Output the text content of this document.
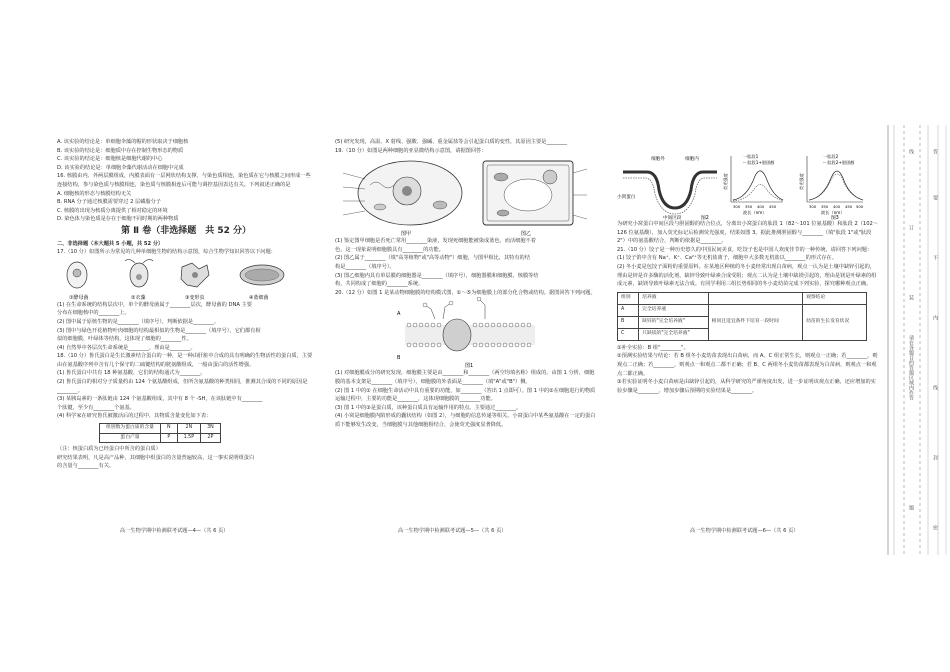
A. 该实验的结论是：单细胞伞藻的帽的形状取决于细胞核

B. 该实验的结论是：细胞质中存在控制生物形态的物质

C. 该实验的结论是：细胞核是细胞代谢的中心

D. 该实验的结论是：单细胞伞藻代谢活动在细胞中完成

16. 核膜由内、外两层膜组成，内膜表面有一层网状结构支撑，与染色质相连，染色质在它与核膜之间形成一些连接结构，参与染色质与核膜相连，染色质与核膜相连后可能与调控基因表达有关。下列叙述正确的是

A. 细胞核的形态与核膜结构无关

B. RNA 分子通过核膜需要穿过 2 层磷脂分子

C. 核膜的出现为核质分离提供了相对稳定的环境

D. 染色体与染色质是存在于细胞不同时期的两种物质

第 Ⅱ 卷（非选择题　共 52 分）

二、非选择题（本大题共 5 小题，共 52 分）

17.（10 分）如图所示为常见的几种单细胞生物的结构示意图，综合生物学知识回答以下问题：

①酵母菌	②衣藻	③变形虫	④蓝细菌

(1) 在生命系统的结构层次中，单个的酵母菌属于________层次，酵母菌的 DNA 主要

分布在细胞核中的________上。

(2) 图中属于原核生物的是________（填序号），判断依据是________。

(3) 图中与绿色开花植物叶肉细胞的结构最相似的生物是________（填序号），它们都有相

似的细胞膜，叶绿体等结构，这体现了细胞的________性。

(4) 自然界中各层次生命系统是________，理由是________。

18.（10 分）鲁氏蛋白是生长激素结合蛋白的一种，是一种由肝脏中合成的具有明确的生物活性的蛋白质，主要由在氨基酸序列中含有几个保守的二硫键结构的胱氨酸组成，一般由蛋白的活性增强。

(1) 鲁氏蛋白中共有 18 种氨基酸，它们的结构通式为________。

(2) 鲁氏蛋白的相对分子质量约由 124 个氨基酸组成，但所含氨基酸的种类相同，推测其合成的不同的原因是

________。

(3) 某胰岛素的一条肽链由 124 个氨基酸组成，其中有 8 个 -SH，在该肽链中有________

个肽键，至少有________个氨基。

(4) 科学家在研究鲁氏被激活后的过程中，其物质含量变化如下表：

组别数为蛋白质的含量	N	2N	3N
蛋白产量	P	1.5P	2P

（注：核蛋白质为已经蛋白中所含的蛋白质）

研究结果表明，凡是高产品种，其细胞中组蛋白的含量普遍较高，这一事实说明组蛋白

的含量与________有关。

高一生物学期中检测联考试题—4—（共 6 页）

(5) 研究发现，高温、X 射线、强酸、强碱、重金属盐等会引起蛋白质的变性，其原因主要是________

19.（10 分）如图是两种细胞的亚显微结构示意图，请据图回答：

图甲	图乙

(1) 鉴定图甲细胞是否死亡常用________染液，发现死细胞能被染成蓝色，而活细胞不着

色，这一现象说明细胞膜具有________的功能。

(2) 图乙属于________（填"高等植物"或"高等动物"）细胞，与图甲相比，其特有的结

构是________（填序号）。

(3) 图乙细胞内具有单层膜的细胞器是________（填序号），细胞器膜和细胞膜、核膜等结

构，共同构成了细胞的________系统。

20.（12 分）如图 1 是某动物细胞膜的结构模式图，①～⑤为细胞膜上的部分化合物或结构。据图回答下列问题。

A
B
图1

(1) 对细胞膜成分的研究发现，细胞膜主要是由________和________（两空均填名称）组成的，由图 1 分析，细胞膜的基本支架是________（填序号），细胞膜的外表面是________（填"A"或"B"）侧。

(2) 图 1 中的① 在细胞生命活动中具有重要的功能，如________（答出 1 点即可）。图 1 中的②在细胞进行的物质运输过程中，主要的功能是________，这体现细胞膜的________功能。

(3) 图 1 中的③是蛋白质，该种蛋白质具有运输作用的特点。主要通过________。

(4) 小窝是细胞膜内陷形成的囊状结构（如图 2），与细胞的信息传递等相关。小窝蛋白中某些氨基酸在一定的蛋白质下能够发生改变，当细胞膜与其他细胞相结合，会使荧光强度显著降低。

高一生物学期中检测联考试题—5—（共 6 页）
细胞外	细胞内
小窝蛋白
中间区段	图2
一肽段1
-- 肽段1+胆固醇
300 350 400 450
波长（nm）
荧光强度
一肽段2
-- 肽段2+胆固醇
300 350 400 450 500
波长（nm）
荧光强度
图3

为研究小窝蛋白中间区段与胆固醇的结合位点，分离出小窝蛋白的肽段 1（82～101 位氨基酸）和肽段 2（102～126 位氨基酸），加入荧光标记后检测荧光强度，结果如图 3。据此推测胆固醇与________（填"肽段 1"或"肽段 2"）中的氨基酸结合，判断的依据是________。

21.（10 分）饺子是一种历史悠久的中国民间美食，吃饺子也是中国人欢度佳节的一种传统，请回答下列问题：

(1) 饺子馅中含有 Na⁺、K⁺、Ca²⁺等无机盐离子，细胞中大多数无机盐以________的形式存在。

(2) 冬小麦是包饺子面粉的重要原料。在某地区种植的冬小麦经常出现白苗病，观点一认为是土壤中缺锌引起的，理由是锌是许多酶的活化剂，缺锌导致叶绿素合成受阻；观点二认为是土壤中缺镁引起的，理由是镁是叶绿素的组成元素，缺镁导致叶绿素无法合成。有同学利用三组长势相同的冬小麦幼苗完成下列实验，探究哪种观点正确。

组别	培养液		观察结论
A	完全培养液	相同且适宜条件下培育一段时间	幼苗的生长发育状况
B	缺锌的"完全培养液"		
C	只缺镁的"完全培养液"		

①补全实验：B 组"________"。

②预测实验结果与结论：若 B 组冬小麦幼苗表现出白苗病，而 A、C 组正常生长，则观点一正确；若________，则观点二正确；若________，则观点一和观点二都不正确；若 B、C 两组冬小麦幼苗都表现为白苗病，则观点一和观点二都正确。

③若实验证明冬小麦白苗病是由缺锌引起的，从科学研究的严谨角度出发，进一步证明该观点正确，还应增加的实验步骤是________，增加步骤后预期的实验结果是________。

高一生物学期中检测联考试题—6—（共 6 页）
线
订
装
请在各题目的答题区域内作答
题
答
要
不
内
线
封
密
